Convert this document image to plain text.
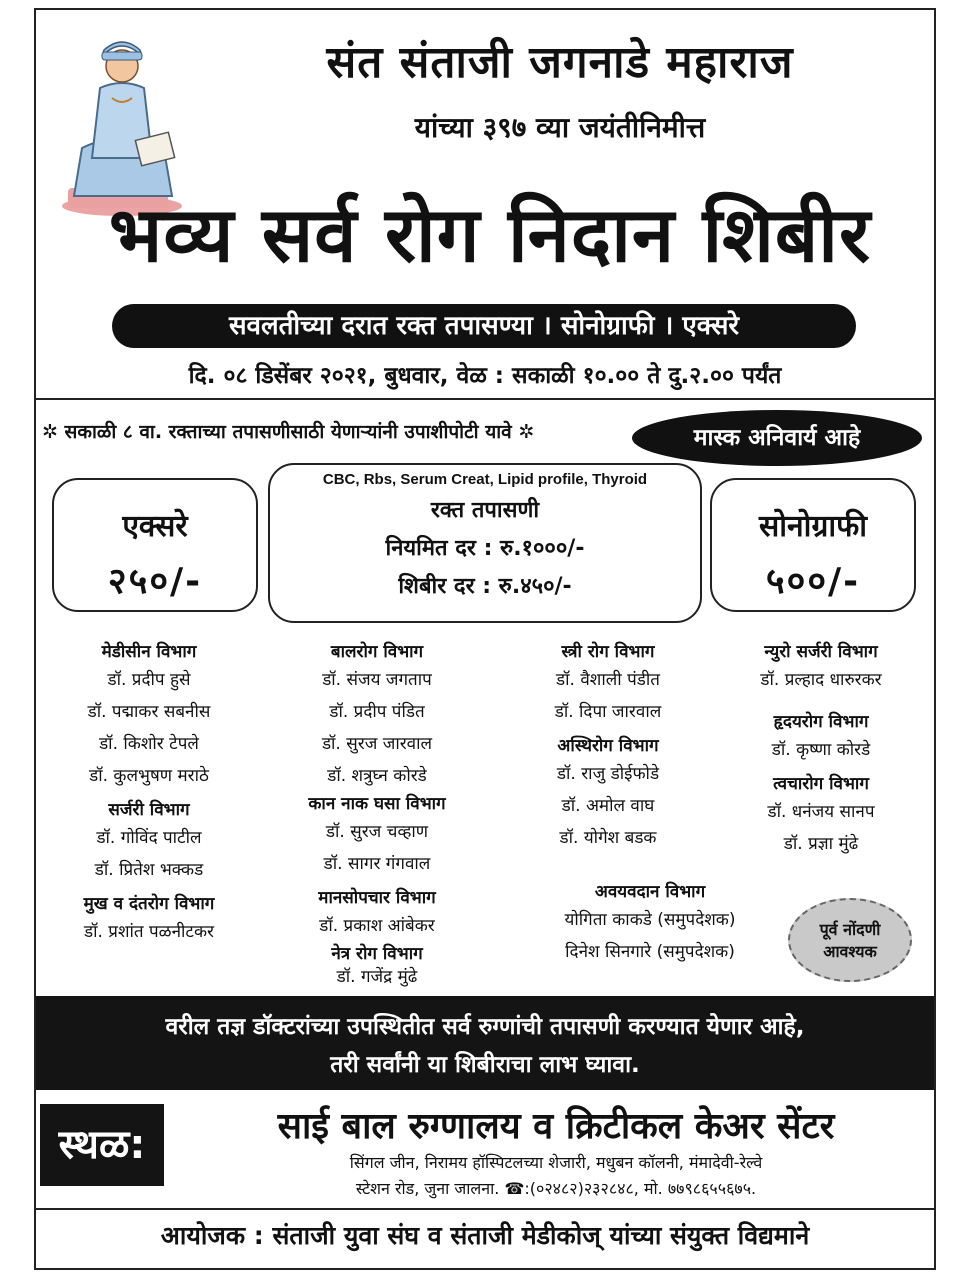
संत संताजी जगनाडे महाराज
यांच्या ३९७ व्या जयंतीनिमीत्त
भव्य सर्व रोग निदान शिबीर
सवलतीच्या दरात रक्त तपासण्या । सोनोग्राफी । एक्सरे
दि. ०८ डिसेंबर २०२१, बुधवार, वेळ : सकाळी १०.०० ते दु.२.०० पर्यंत
✲ सकाळी ८ वा. रक्ताच्या तपासणीसाठी येणाऱ्यांनी उपाशीपोटी यावे ✲	मास्क अनिवार्य आहे
एक्सरे
२५०/-
CBC, Rbs, Serum Creat, Lipid profile, Thyroid
रक्त तपासणी
नियमित दर : रु.१०००/-
शिबीर दर : रु.४५०/-
सोनोग्राफी
५००/-
मेडीसीन विभाग
डॉ. प्रदीप हुसे
डॉ. पद्माकर सबनीस
डॉ. किशोर टेपले
डॉ. कुलभुषण मराठे
सर्जरी विभाग
डॉ. गोविंद पाटील
डॉ. प्रितेश भक्कड
मुख व दंतरोग विभाग
डॉ. प्रशांत पळनीटकर
बालरोग विभाग
डॉ. संजय जगताप
डॉ. प्रदीप पंडित
डॉ. सुरज जारवाल
डॉ. शत्रुघ्न कोरडे
कान नाक घसा विभाग
डॉ. सुरज चव्हाण
डॉ. सागर गंगवाल
मानसोपचार विभाग
डॉ. प्रकाश आंबेकर
नेत्र रोग विभाग
डॉ. गजेंद्र मुंढे
स्त्री रोग विभाग
डॉ. वैशाली पंडीत
डॉ. दिपा जारवाल
अस्थिरोग विभाग
डॉ. राजु डोईफोडे
डॉ. अमोल वाघ
डॉ. योगेश बडक
अवयवदान विभाग
योगिता काकडे (समुपदेशक)
दिनेश सिनगारे (समुपदेशक)
न्युरो सर्जरी विभाग
डॉ. प्रल्हाद धारुरकर
हृदयरोग विभाग
डॉ. कृष्णा कोरडे
त्वचारोग विभाग
डॉ. धनंजय सानप
डॉ. प्रज्ञा मुंढे
पूर्व नोंदणी
आवश्यक
वरील तज्ञ डॉक्टरांच्या उपस्थितीत सर्व रुग्णांची तपासणी करण्यात येणार आहे,
तरी सर्वांनी या शिबीराचा लाभ घ्यावा.
स्थळ:	साई बाल रुग्णालय व क्रिटीकल केअर सेंटर
सिंगल जीन, निरामय हॉस्पिटलच्या शेजारी, मधुबन कॉलनी, मंमादेवी-रेल्वे
स्टेशन रोड, जुना जालना. ☎:(०२४८२)२३२८४८, मो. ७७९८६५५६७५.
आयोजक : संताजी युवा संघ व संताजी मेडीकोज् यांच्या संयुक्त विद्यमाने
